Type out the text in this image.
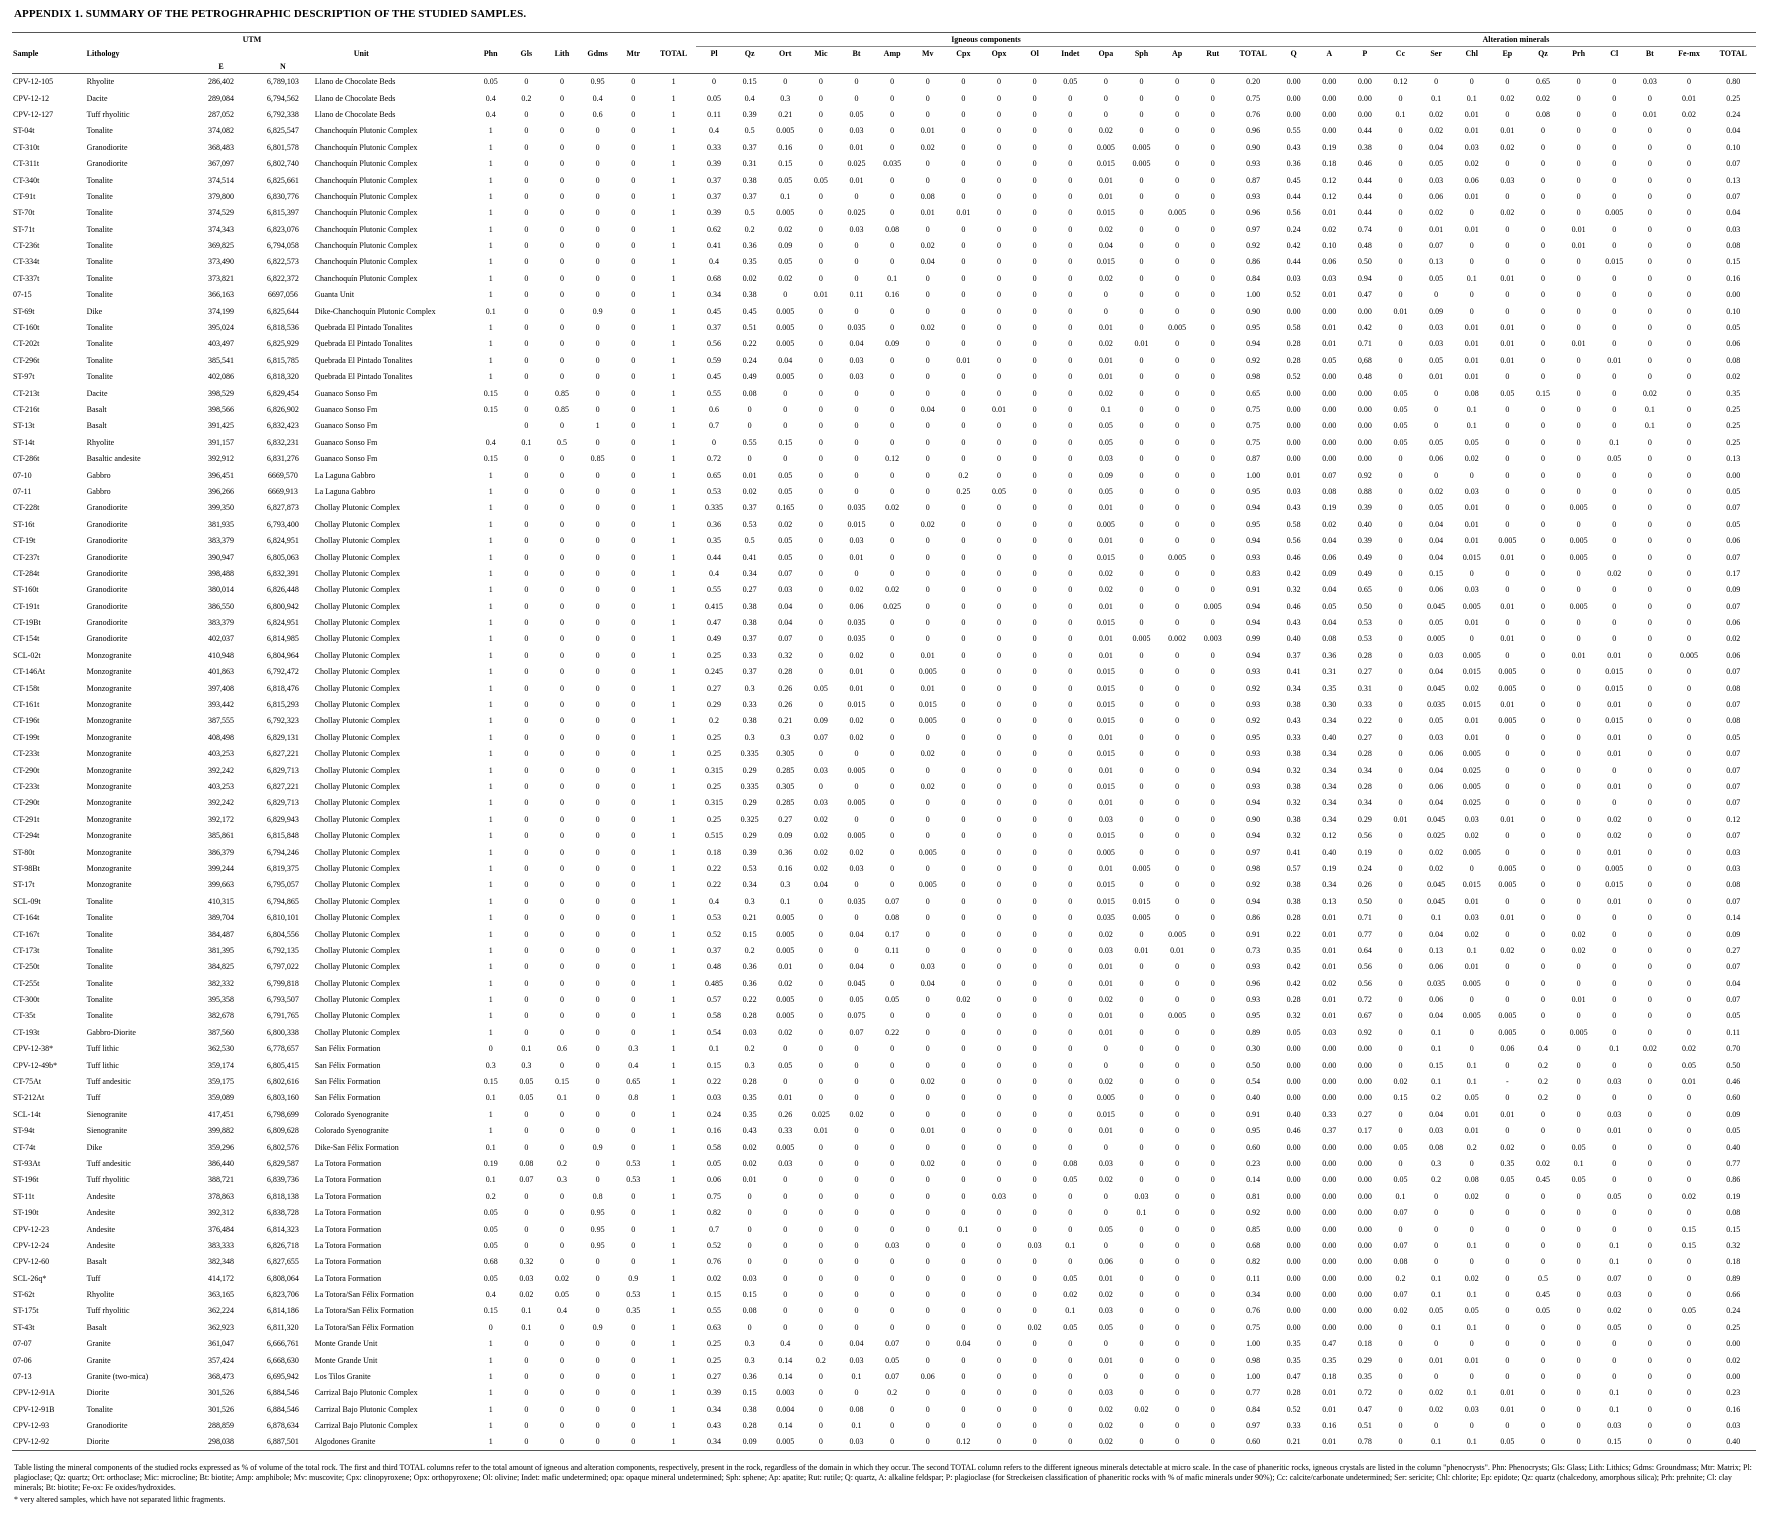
APPENDIX 1. SUMMARY OF THE PETROGHRAPHIC DESCRIPTION OF THE STUDIED SAMPLES.
		UTM									Igneous components																Alteration minerals												
Sample	Lithology			Unit	Phn	Gls	Lith	Gdms	Mtr	TOTAL	Pl	Qz	Ort	Mic	Bt	Amp	Mv	Cpx	Opx	Ol	Indet	Opa	Sph	Ap	Rut	TOTAL	Q	A	P	Cc	Ser	Chl	Ep	Qz	Prh	Cl	Bt	Fe-mx	TOTAL
		E	N																																				
CPV-12-105	Rhyolite	286,402	6,789,103	Llano de Chocolate Beds	0.05	0	0	0.95	0	1	0	0.15	0	0	0	0	0	0	0	0	0.05	0	0	0	0	0.20	0.00	0.00	0.00	0.12	0	0	0	0.65	0	0	0.03	0	0.80
CPV-12-12	Dacite	289,084	6,794,562	Llano de Chocolate Beds	0.4	0.2	0	0.4	0	1	0.05	0.4	0.3	0	0	0	0	0	0	0	0	0	0	0	0	0.75	0.00	0.00	0.00	0	0.1	0.1	0.02	0.02	0	0	0	0.01	0.25
CPV-12-127	Tuff rhyolitic	287,052	6,792,338	Llano de Chocolate Beds	0.4	0	0	0.6	0	1	0.11	0.39	0.21	0	0.05	0	0	0	0	0	0	0	0	0	0	0.76	0.00	0.00	0.00	0.1	0.02	0.01	0	0.08	0	0	0.01	0.02	0.24
ST-04t	Tonalite	374,082	6,825,547	Chanchoquín Plutonic Complex	1	0	0	0	0	1	0.4	0.5	0.005	0	0.03	0	0.01	0	0	0	0	0.02	0	0	0	0.96	0.55	0.00	0.44	0	0.02	0.01	0.01	0	0	0	0	0	0.04
CT-310t	Granodiorite	368,483	6,801,578	Chanchoquín Plutonic Complex	1	0	0	0	0	1	0.33	0.37	0.16	0	0.01	0	0.02	0	0	0	0	0.005	0.005	0	0	0.90	0.43	0.19	0.38	0	0.04	0.03	0.02	0	0	0	0	0	0.10
CT-311t	Granodiorite	367,097	6,802,740	Chanchoquín Plutonic Complex	1	0	0	0	0	1	0.39	0.31	0.15	0	0.025	0.035	0	0	0	0	0	0.015	0.005	0	0	0.93	0.36	0.18	0.46	0	0.05	0.02	0	0	0	0	0	0	0.07
CT-340t	Tonalite	374,514	6,825,661	Chanchoquín Plutonic Complex	1	0	0	0	0	1	0.37	0.38	0.05	0.05	0.01	0	0	0	0	0	0	0.01	0	0	0	0.87	0.45	0.12	0.44	0	0.03	0.06	0.03	0	0	0	0	0	0.13
CT-91t	Tonalite	379,800	6,830,776	Chanchoquín Plutonic Complex	1	0	0	0	0	1	0.37	0.37	0.1	0	0	0	0.08	0	0	0	0	0.01	0	0	0	0.93	0.44	0.12	0.44	0	0.06	0.01	0	0	0	0	0	0	0.07
ST-70t	Tonalite	374,529	6,815,397	Chanchoquín Plutonic Complex	1	0	0	0	0	1	0.39	0.5	0.005	0	0.025	0	0.01	0.01	0	0	0	0.015	0	0.005	0	0.96	0.56	0.01	0.44	0	0.02	0	0.02	0	0	0.005	0	0	0.04
ST-71t	Tonalite	374,343	6,823,076	Chanchoquín Plutonic Complex	1	0	0	0	0	1	0.62	0.2	0.02	0	0.03	0.08	0	0	0	0	0	0.02	0	0	0	0.97	0.24	0.02	0.74	0	0.01	0.01	0	0	0.01	0	0	0	0.03
CT-236t	Tonalite	369,825	6,794,058	Chanchoquín Plutonic Complex	1	0	0	0	0	1	0.41	0.36	0.09	0	0	0	0.02	0	0	0	0	0.04	0	0	0	0.92	0.42	0.10	0.48	0	0.07	0	0	0	0.01	0	0	0	0.08
CT-334t	Tonalite	373,490	6,822,573	Chanchoquín Plutonic Complex	1	0	0	0	0	1	0.4	0.35	0.05	0	0	0	0.04	0	0	0	0	0.015	0	0	0	0.86	0.44	0.06	0.50	0	0.13	0	0	0	0	0.015	0	0	0.15
CT-337t	Tonalite	373,821	6,822,372	Chanchoquín Plutonic Complex	1	0	0	0	0	1	0.68	0.02	0.02	0	0	0.1	0	0	0	0	0	0.02	0	0	0	0.84	0.03	0.03	0.94	0	0.05	0.1	0.01	0	0	0	0	0	0.16
07-15	Tonalite	366,163	6697,056	Guanta Unit	1	0	0	0	0	1	0.34	0.38	0	0.01	0.11	0.16	0	0	0	0	0	0	0	0	0	1.00	0.52	0.01	0.47	0	0	0	0	0	0	0	0	0	0.00
ST-69t	Dike	374,199	6,825,644	Dike-Chanchoquín Plutonic Complex	0.1	0	0	0.9	0	1	0.45	0.45	0.005	0	0	0	0	0	0	0	0	0	0	0	0	0.90	0.00	0.00	0.00	0.01	0.09	0	0	0	0	0	0	0	0.10
CT-160t	Tonalite	395,024	6,818,536	Quebrada El Pintado Tonalites	1	0	0	0	0	1	0.37	0.51	0.005	0	0.035	0	0.02	0	0	0	0	0.01	0	0.005	0	0.95	0.58	0.01	0.42	0	0.03	0.01	0.01	0	0	0	0	0	0.05
CT-202t	Tonalite	403,497	6,825,929	Quebrada El Pintado Tonalites	1	0	0	0	0	1	0.56	0.22	0.005	0	0.04	0.09	0	0	0	0	0	0.02	0.01	0	0	0.94	0.28	0.01	0.71	0	0.03	0.01	0.01	0	0.01	0	0	0	0.06
CT-296t	Tonalite	385,541	6,815,785	Quebrada El Pintado Tonalites	1	0	0	0	0	1	0.59	0.24	0.04	0	0.03	0	0	0.01	0	0	0	0.01	0	0	0	0.92	0.28	0.05	0,68	0	0.05	0.01	0.01	0	0	0.01	0	0	0.08
ST-97t	Tonalite	402,086	6,818,320	Quebrada El Pintado Tonalites	1	0	0	0	0	1	0.45	0.49	0.005	0	0.03	0	0	0	0	0	0	0.01	0	0	0	0.98	0.52	0.00	0.48	0	0.01	0.01	0	0	0	0	0	0	0.02
CT-213t	Dacite	398,529	6,829,454	Guanaco Sonso Fm	0.15	0	0.85	0	0	1	0.55	0.08	0	0	0	0	0	0	0	0	0	0.02	0	0	0	0.65	0.00	0.00	0.00	0.05	0	0.08	0.05	0.15	0	0	0.02	0	0.35
CT-216t	Basalt	398,566	6,826,902	Guanaco Sonso Fm	0.15	0	0.85	0	0	1	0.6	0	0	0	0	0	0.04	0	0.01	0	0	0.1	0	0	0	0.75	0.00	0.00	0.00	0.05	0	0.1	0	0	0	0	0.1	0	0.25
ST-13t	Basalt	391,425	6,832,423	Guanaco Sonso Fm		0	0	1	0	1	0.7	0	0	0	0	0	0	0	0	0	0	0.05	0	0	0	0.75	0.00	0.00	0.00	0.05	0	0.1	0	0	0	0	0.1	0	0.25
ST-14t	Rhyolite	391,157	6,832,231	Guanaco Sonso Fm	0.4	0.1	0.5	0	0	1	0	0.55	0.15	0	0	0	0	0	0	0	0	0.05	0	0	0	0.75	0.00	0.00	0.00	0.05	0.05	0.05	0	0	0	0.1	0	0	0.25
CT-286t	Basaltic andesite	392,912	6,831,276	Guanaco Sonso Fm	0.15	0	0	0.85	0	1	0.72	0	0	0	0	0.12	0	0	0	0	0	0.03	0	0	0	0.87	0.00	0.00	0.00	0	0.06	0.02	0	0	0	0.05	0	0	0.13
07-10	Gabbro	396,451	6669,570	La Laguna Gabbro	1	0	0	0	0	1	0.65	0.01	0.05	0	0	0	0	0.2	0	0	0	0.09	0	0	0	1.00	0.01	0.07	0.92	0	0	0	0	0	0	0	0	0	0.00
07-11	Gabbro	396,266	6669,913	La Laguna Gabbro	1	0	0	0	0	1	0.53	0.02	0.05	0	0	0	0	0.25	0.05	0	0	0.05	0	0	0	0.95	0.03	0.08	0.88	0	0.02	0.03	0	0	0	0	0	0	0.05
CT-228t	Granodiorite	399,350	6,827,873	Chollay Plutonic Complex	1	0	0	0	0	1	0.335	0.37	0.165	0	0.035	0.02	0	0	0	0	0	0.01	0	0	0	0.94	0.43	0.19	0.39	0	0.05	0.01	0	0	0.005	0	0	0	0.07
ST-16t	Granodiorite	381,935	6,793,400	Chollay Plutonic Complex	1	0	0	0	0	1	0.36	0.53	0.02	0	0.015	0	0.02	0	0	0	0	0.005	0	0	0	0.95	0.58	0.02	0.40	0	0.04	0.01	0	0	0	0	0	0	0.05
CT-19t	Granodiorite	383,379	6,824,951	Chollay Plutonic Complex	1	0	0	0	0	1	0.35	0.5	0.05	0	0.03	0	0	0	0	0	0	0.01	0	0	0	0.94	0.56	0.04	0.39	0	0.04	0.01	0.005	0	0.005	0	0	0	0.06
CT-237t	Granodiorite	390,947	6,805,063	Chollay Plutonic Complex	1	0	0	0	0	1	0.44	0.41	0.05	0	0.01	0	0	0	0	0	0	0.015	0	0.005	0	0.93	0.46	0.06	0.49	0	0.04	0.015	0.01	0	0.005	0	0	0	0.07
CT-284t	Granodiorite	398,488	6,832,391	Chollay Plutonic Complex	1	0	0	0	0	1	0.4	0.34	0.07	0	0	0	0	0	0	0	0	0.02	0	0	0	0.83	0.42	0.09	0.49	0	0.15	0	0	0	0	0.02	0	0	0.17
ST-160t	Granodiorite	380,014	6,826,448	Chollay Plutonic Complex	1	0	0	0	0	1	0.55	0.27	0.03	0	0.02	0.02	0	0	0	0	0	0.02	0	0	0	0.91	0.32	0.04	0.65	0	0.06	0.03	0	0	0	0	0	0	0.09
CT-191t	Granodiorite	386,550	6,800,942	Chollay Plutonic Complex	1	0	0	0	0	1	0.415	0.38	0.04	0	0.06	0.025	0	0	0	0	0	0.01	0	0	0.005	0.94	0.46	0.05	0.50	0	0.045	0.005	0.01	0	0.005	0	0	0	0.07
CT-19Bt	Granodiorite	383,379	6,824,951	Chollay Plutonic Complex	1	0	0	0	0	1	0.47	0.38	0.04	0	0.035	0	0	0	0	0	0	0.015	0	0	0	0.94	0.43	0.04	0.53	0	0.05	0.01	0	0	0	0	0	0	0.06
CT-154t	Granodiorite	402,037	6,814,985	Chollay Plutonic Complex	1	0	0	0	0	1	0.49	0.37	0.07	0	0.035	0	0	0	0	0	0	0.01	0.005	0.002	0.003	0.99	0.40	0.08	0.53	0	0.005	0	0.01	0	0	0	0	0	0.02
SCL-02t	Monzogranite	410,948	6,804,964	Chollay Plutonic Complex	1	0	0	0	0	1	0.25	0.33	0.32	0	0.02	0	0.01	0	0	0	0	0.01	0	0	0	0.94	0.37	0.36	0.28	0	0.03	0.005	0	0	0.01	0.01	0	0.005	0.06
CT-146At	Monzogranite	401,863	6,792,472	Chollay Plutonic Complex	1	0	0	0	0	1	0.245	0.37	0.28	0	0.01	0	0.005	0	0	0	0	0.015	0	0	0	0.93	0.41	0.31	0.27	0	0.04	0.015	0.005	0	0	0.015	0	0	0.07
CT-158t	Monzogranite	397,408	6,818,476	Chollay Plutonic Complex	1	0	0	0	0	1	0.27	0.3	0.26	0.05	0.01	0	0.01	0	0	0	0	0.015	0	0	0	0.92	0.34	0.35	0.31	0	0.045	0.02	0.005	0	0	0.015	0	0	0.08
CT-161t	Monzogranite	393,442	6,815,293	Chollay Plutonic Complex	1	0	0	0	0	1	0.29	0.33	0.26	0	0.015	0	0.015	0	0	0	0	0.015	0	0	0	0.93	0.38	0.30	0.33	0	0.035	0.015	0.01	0	0	0.01	0	0	0.07
CT-196t	Monzogranite	387,555	6,792,323	Chollay Plutonic Complex	1	0	0	0	0	1	0.2	0.38	0.21	0.09	0.02	0	0.005	0	0	0	0	0.015	0	0	0	0.92	0.43	0.34	0.22	0	0.05	0.01	0.005	0	0	0.015	0	0	0.08
CT-199t	Monzogranite	408,498	6,829,131	Chollay Plutonic Complex	1	0	0	0	0	1	0.25	0.3	0.3	0.07	0.02	0	0	0	0	0	0	0.01	0	0	0	0.95	0.33	0.40	0.27	0	0.03	0.01	0	0	0	0.01	0	0	0.05
CT-233t	Monzogranite	403,253	6,827,221	Chollay Plutonic Complex	1	0	0	0	0	1	0.25	0.335	0.305	0	0	0	0.02	0	0	0	0	0.015	0	0	0	0.93	0.38	0.34	0.28	0	0.06	0.005	0	0	0	0.01	0	0	0.07
CT-290t	Monzogranite	392,242	6,829,713	Chollay Plutonic Complex	1	0	0	0	0	1	0.315	0.29	0.285	0.03	0.005	0	0	0	0	0	0	0.01	0	0	0	0.94	0.32	0.34	0.34	0	0.04	0.025	0	0	0	0	0	0	0.07
CT-233t	Monzogranite	403,253	6,827,221	Chollay Plutonic Complex	1	0	0	0	0	1	0.25	0.335	0.305	0	0	0	0.02	0	0	0	0	0.015	0	0	0	0.93	0.38	0.34	0.28	0	0.06	0.005	0	0	0	0.01	0	0	0.07
CT-290t	Monzogranite	392,242	6,829,713	Chollay Plutonic Complex	1	0	0	0	0	1	0.315	0.29	0.285	0.03	0.005	0	0	0	0	0	0	0.01	0	0	0	0.94	0.32	0.34	0.34	0	0.04	0.025	0	0	0	0	0	0	0.07
CT-291t	Monzogranite	392,172	6,829,943	Chollay Plutonic Complex	1	0	0	0	0	1	0.25	0.325	0.27	0.02	0	0	0	0	0	0	0	0.03	0	0	0	0.90	0.38	0.34	0.29	0.01	0.045	0.03	0.01	0	0	0.02	0	0	0.12
CT-294t	Monzogranite	385,861	6,815,848	Chollay Plutonic Complex	1	0	0	0	0	1	0.515	0.29	0.09	0.02	0.005	0	0	0	0	0	0	0.015	0	0	0	0.94	0.32	0.12	0.56	0	0.025	0.02	0	0	0	0.02	0	0	0.07
ST-80t	Monzogranite	386,379	6,794,246	Chollay Plutonic Complex	1	0	0	0	0	1	0.18	0.39	0.36	0.02	0.02	0	0.005	0	0	0	0	0.005	0	0	0	0.97	0.41	0.40	0.19	0	0.02	0.005	0	0	0	0.01	0	0	0.03
ST-98Bt	Monzogranite	399,244	6,819,375	Chollay Plutonic Complex	1	0	0	0	0	1	0.22	0.53	0.16	0.02	0.03	0	0	0	0	0	0	0.01	0.005	0	0	0.98	0.57	0.19	0.24	0	0.02	0	0.005	0	0	0.005	0	0	0.03
ST-17t	Monzogranite	399,663	6,795,057	Chollay Plutonic Complex	1	0	0	0	0	1	0.22	0.34	0.3	0.04	0	0	0.005	0	0	0	0	0.015	0	0	0	0.92	0.38	0.34	0.26	0	0.045	0.015	0.005	0	0	0.015	0	0	0.08
SCL-09t	Tonalite	410,315	6,794,865	Chollay Plutonic Complex	1	0	0	0	0	1	0.4	0.3	0.1	0	0.035	0.07	0	0	0	0	0	0.015	0.015	0	0	0.94	0.38	0.13	0.50	0	0.045	0.01	0	0	0	0.01	0	0	0.07
CT-164t	Tonalite	389,704	6,810,101	Chollay Plutonic Complex	1	0	0	0	0	1	0.53	0.21	0.005	0	0	0.08	0	0	0	0	0	0.035	0.005	0	0	0.86	0.28	0.01	0.71	0	0.1	0.03	0.01	0	0	0	0	0	0.14
CT-167t	Tonalite	384,487	6,804,556	Chollay Plutonic Complex	1	0	0	0	0	1	0.52	0.15	0.005	0	0.04	0.17	0	0	0	0	0	0.02	0	0.005	0	0.91	0.22	0.01	0.77	0	0.04	0.02	0	0	0.02	0	0	0	0.09
CT-173t	Tonalite	381,395	6,792,135	Chollay Plutonic Complex	1	0	0	0	0	1	0.37	0.2	0.005	0	0	0.11	0	0	0	0	0	0.03	0.01	0.01	0	0.73	0.35	0.01	0.64	0	0.13	0.1	0.02	0	0.02	0	0	0	0.27
CT-250t	Tonalite	384,825	6,797,022	Chollay Plutonic Complex	1	0	0	0	0	1	0.48	0.36	0.01	0	0.04	0	0.03	0	0	0	0	0.01	0	0	0	0.93	0.42	0.01	0.56	0	0.06	0.01	0	0	0	0	0	0	0.07
CT-255t	Tonalite	382,332	6,799,818	Chollay Plutonic Complex	1	0	0	0	0	1	0.485	0.36	0.02	0	0.045	0	0.04	0	0	0	0	0.01	0	0	0	0.96	0.42	0.02	0.56	0	0.035	0.005	0	0	0	0	0	0	0.04
CT-300t	Tonalite	395,358	6,793,507	Chollay Plutonic Complex	1	0	0	0	0	1	0.57	0.22	0.005	0	0.05	0.05	0	0.02	0	0	0	0.02	0	0	0	0.93	0.28	0.01	0.72	0	0.06	0	0	0	0.01	0	0	0	0.07
CT-35t	Tonalite	382,678	6,791,765	Chollay Plutonic Complex	1	0	0	0	0	1	0.58	0.28	0.005	0	0.075	0	0	0	0	0	0	0.01	0	0.005	0	0.95	0.32	0.01	0.67	0	0.04	0.005	0.005	0	0	0	0	0	0.05
CT-193t	Gabbro-Diorite	387,560	6,800,338	Chollay Plutonic Complex	1	0	0	0	0	1	0.54	0.03	0.02	0	0.07	0.22	0	0	0	0	0	0.01	0	0	0	0.89	0.05	0.03	0.92	0	0.1	0	0.005	0	0.005	0	0	0	0.11
CPV-12-38*	Tuff lithic	362,530	6,778,657	San Félix Formation	0	0.1	0.6	0	0.3	1	0.1	0.2	0	0	0	0	0	0	0	0	0	0	0	0	0	0.30	0.00	0.00	0.00	0	0.1	0	0.06	0.4	0	0.1	0.02	0.02	0.70
CPV-12-49b*	Tuff lithic	359,174	6,805,415	San Félix Formation	0.3	0.3	0	0	0.4	1	0.15	0.3	0.05	0	0	0	0	0	0	0	0	0	0	0	0	0.50	0.00	0.00	0.00	0	0.15	0.1	0	0.2	0	0	0	0.05	0.50
CT-75At	Tuff andesitic	359,175	6,802,616	San Félix Formation	0.15	0.05	0.15	0	0.65	1	0.22	0.28	0	0	0	0	0.02	0	0	0	0	0.02	0	0	0	0.54	0.00	0.00	0.00	0.02	0.1	0.1	-	0.2	0	0.03	0	0.01	0.46
ST-212At	Tuff	359,089	6,803,160	San Félix Formation	0.1	0.05	0.1	0	0.8	1	0.03	0.35	0.01	0	0	0	0	0	0	0	0	0.005	0	0	0	0.40	0.00	0.00	0.00	0.15	0.2	0.05	0	0.2	0	0	0	0	0.60
SCL-14t	Sienogranite	417,451	6,798,699	Colorado Syenogranite	1	0	0	0	0	1	0.24	0.35	0.26	0.025	0.02	0	0	0	0	0	0	0.015	0	0	0	0.91	0.40	0.33	0.27	0	0.04	0.01	0.01	0	0	0.03	0	0	0.09
ST-94t	Sienogranite	399,882	6,809,628	Colorado Syenogranite	1	0	0	0	0	1	0.16	0.43	0.33	0.01	0	0	0.01	0	0	0	0	0.01	0	0	0	0.95	0.46	0.37	0.17	0	0.03	0.01	0	0	0	0.01	0	0	0.05
CT-74t	Dike	359,296	6,802,576	Dike-San Félix Formation	0.1	0	0	0.9	0	1	0.58	0.02	0.005	0	0	0	0	0	0	0	0	0	0	0	0	0.60	0.00	0.00	0.00	0.05	0.08	0.2	0.02	0	0.05	0	0	0	0.40
ST-93At	Tuff andesitic	386,440	6,829,587	La Totora Formation	0.19	0.08	0.2	0	0.53	1	0.05	0.02	0.03	0	0	0	0.02	0	0	0	0.08	0.03	0	0	0	0.23	0.00	0.00	0.00	0	0.3	0	0.35	0.02	0.1	0	0	0	0.77
ST-196t	Tuff rhyolitic	388,721	6,839,736	La Totora Formation	0.1	0.07	0.3	0	0.53	1	0.06	0.01	0	0	0	0	0	0	0	0	0.05	0.02	0	0	0	0.14	0.00	0.00	0.00	0.05	0.2	0.08	0.05	0.45	0.05	0	0	0	0.86
ST-11t	Andesite	378,863	6,818,138	La Totora Formation	0.2	0	0	0.8	0	1	0.75	0	0	0	0	0	0	0	0.03	0	0	0	0.03	0	0	0.81	0.00	0.00	0.00	0.1	0	0.02	0	0	0	0.05	0	0.02	0.19
ST-190t	Andesite	392,312	6,838,728	La Totora Formation	0.05	0	0	0.95	0	1	0.82	0	0	0	0	0	0	0	0	0	0	0	0.1	0	0	0.92	0.00	0.00	0.00	0.07	0	0	0	0	0	0	0	0	0.08
CPV-12-23	Andesite	376,484	6,814,323	La Totora Formation	0.05	0	0	0.95	0	1	0.7	0	0	0	0	0	0	0.1	0	0	0	0.05	0	0	0	0.85	0.00	0.00	0.00	0	0	0	0	0	0	0	0	0.15	0.15
CPV-12-24	Andesite	383,333	6,826,718	La Totora Formation	0.05	0	0	0.95	0	1	0.52	0	0	0	0	0.03	0	0	0	0.03	0.1	0	0	0	0	0.68	0.00	0.00	0.00	0.07	0	0.1	0	0	0	0.1	0	0.15	0.32
CPV-12-60	Basalt	382,348	6,827,655	La Totora Formation	0.68	0.32	0	0	0	1	0.76	0	0	0	0	0	0	0	0	0	0	0.06	0	0	0	0.82	0.00	0.00	0.00	0.08	0	0	0	0	0	0.1	0	0	0.18
SCL-26q*	Tuff	414,172	6,808,064	La Totora Formation	0.05	0.03	0.02	0	0.9	1	0.02	0.03	0	0	0	0	0	0	0	0	0.05	0.01	0	0	0	0.11	0.00	0.00	0.00	0.2	0.1	0.02	0	0.5	0	0.07	0	0	0.89
ST-62t	Rhyolite	363,165	6,823,706	La Totora/San Félix Formation	0.4	0.02	0.05	0	0.53	1	0.15	0.15	0	0	0	0	0	0	0	0	0.02	0.02	0	0	0	0.34	0.00	0.00	0.00	0.07	0.1	0.1	0	0.45	0	0.03	0	0	0.66
ST-175t	Tuff rhyolitic	362,224	6,814,186	La Totora/San Félix Formation	0.15	0.1	0.4	0	0.35	1	0.55	0.08	0	0	0	0	0	0	0	0	0.1	0.03	0	0	0	0.76	0.00	0.00	0.00	0.02	0.05	0.05	0	0.05	0	0.02	0	0.05	0.24
ST-43t	Basalt	362,923	6,811,320	La Totora/San Félix Formation	0	0.1	0	0.9	0	1	0.63	0	0	0	0	0	0	0	0	0.02	0.05	0.05	0	0	0	0.75	0.00	0.00	0.00	0	0.1	0.1	0	0	0	0.05	0	0	0.25
07-07	Granite	361,047	6,666,761	Monte Grande Unit	1	0	0	0	0	1	0.25	0.3	0.4	0	0.04	0.07	0	0.04	0	0	0	0	0	0	0	1.00	0.35	0.47	0.18	0	0	0	0	0	0	0	0	0	0.00
07-06	Granite	357,424	6,668,630	Monte Grande Unit	1	0	0	0	0	1	0.25	0.3	0.14	0.2	0.03	0.05	0	0	0	0	0	0.01	0	0	0	0.98	0.35	0.35	0.29	0	0.01	0.01	0	0	0	0	0	0	0.02
07-13	Granite (two-mica)	368,473	6,695,942	Los Tilos Granite	1	0	0	0	0	1	0.27	0.36	0.14	0	0.1	0.07	0.06	0	0	0	0	0	0	0	0	1.00	0.47	0.18	0.35	0	0	0	0	0	0	0	0	0	0.00
CPV-12-91A	Diorite	301,526	6,884,546	Carrizal Bajo Plutonic Complex	1	0	0	0	0	1	0.39	0.15	0.003	0	0	0.2	0	0	0	0	0	0.03	0	0	0	0.77	0.28	0.01	0.72	0	0.02	0.1	0.01	0	0	0.1	0	0	0.23
CPV-12-91B	Tonalite	301,526	6,884,546	Carrizal Bajo Plutonic Complex	1	0	0	0	0	1	0.34	0.38	0.004	0	0.08	0	0	0	0	0	0	0.02	0.02	0	0	0.84	0.52	0.01	0.47	0	0.02	0.03	0.01	0	0	0.1	0	0	0.16
CPV-12-93	Granodiorite	288,859	6,878,634	Carrizal Bajo Plutonic Complex	1	0	0	0	0	1	0.43	0.28	0.14	0	0.1	0	0	0	0	0	0	0.02	0	0	0	0.97	0.33	0.16	0.51	0	0	0	0	0	0	0.03	0	0	0.03
CPV-12-92	Diorite	298,038	6,887,501	Algodones Granite	1	0	0	0	0	1	0.34	0.09	0.005	0	0.03	0	0	0.12	0	0	0	0.02	0	0	0	0.60	0.21	0.01	0.78	0	0.1	0.1	0.05	0	0	0.15	0	0	0.40
Table listing the mineral components of the studied rocks expressed as % of volume of the total rock. The first and third TOTAL columns refer to the total amount of igneous and alteration components, respectively, present in the rock, regardless of the domain in which they occur. The second TOTAL column refers to the different igneous minerals detectable at micro scale. In the case of phaneritic rocks, igneous crystals are listed in the column "phenocrysts". Phn: Phenocrysts; Gls: Glass; Lith: Lithics; Gdms: Groundmass; Mtr: Matrix; Pl: plagioclase; Qz: quartz; Ort: orthoclase; Mic: microcline; Bt: biotite; Amp: amphibole; Mv: muscovite; Cpx: clinopyroxene; Opx: orthopyroxene; Ol: olivine; Indet: mafic undetermined; opa: opaque mineral undetermined; Sph: sphene; Ap: apatite; Rut: rutile; Q: quartz, A: alkaline feldspar; P: plagioclase (for Streckeisen classification of phaneritic rocks with % of mafic minerals under 90%); Cc: calcite/carbonate undetermined; Ser: sericite; Chl: chlorite; Ep: epidote; Qz: quartz (chalcedony, amorphous silica); Prh: prehnite; Cl: clay minerals; Bt: biotite; Fe-ox: Fe oxides/hydroxides.
* very altered samples, which have not separated lithic fragments.
